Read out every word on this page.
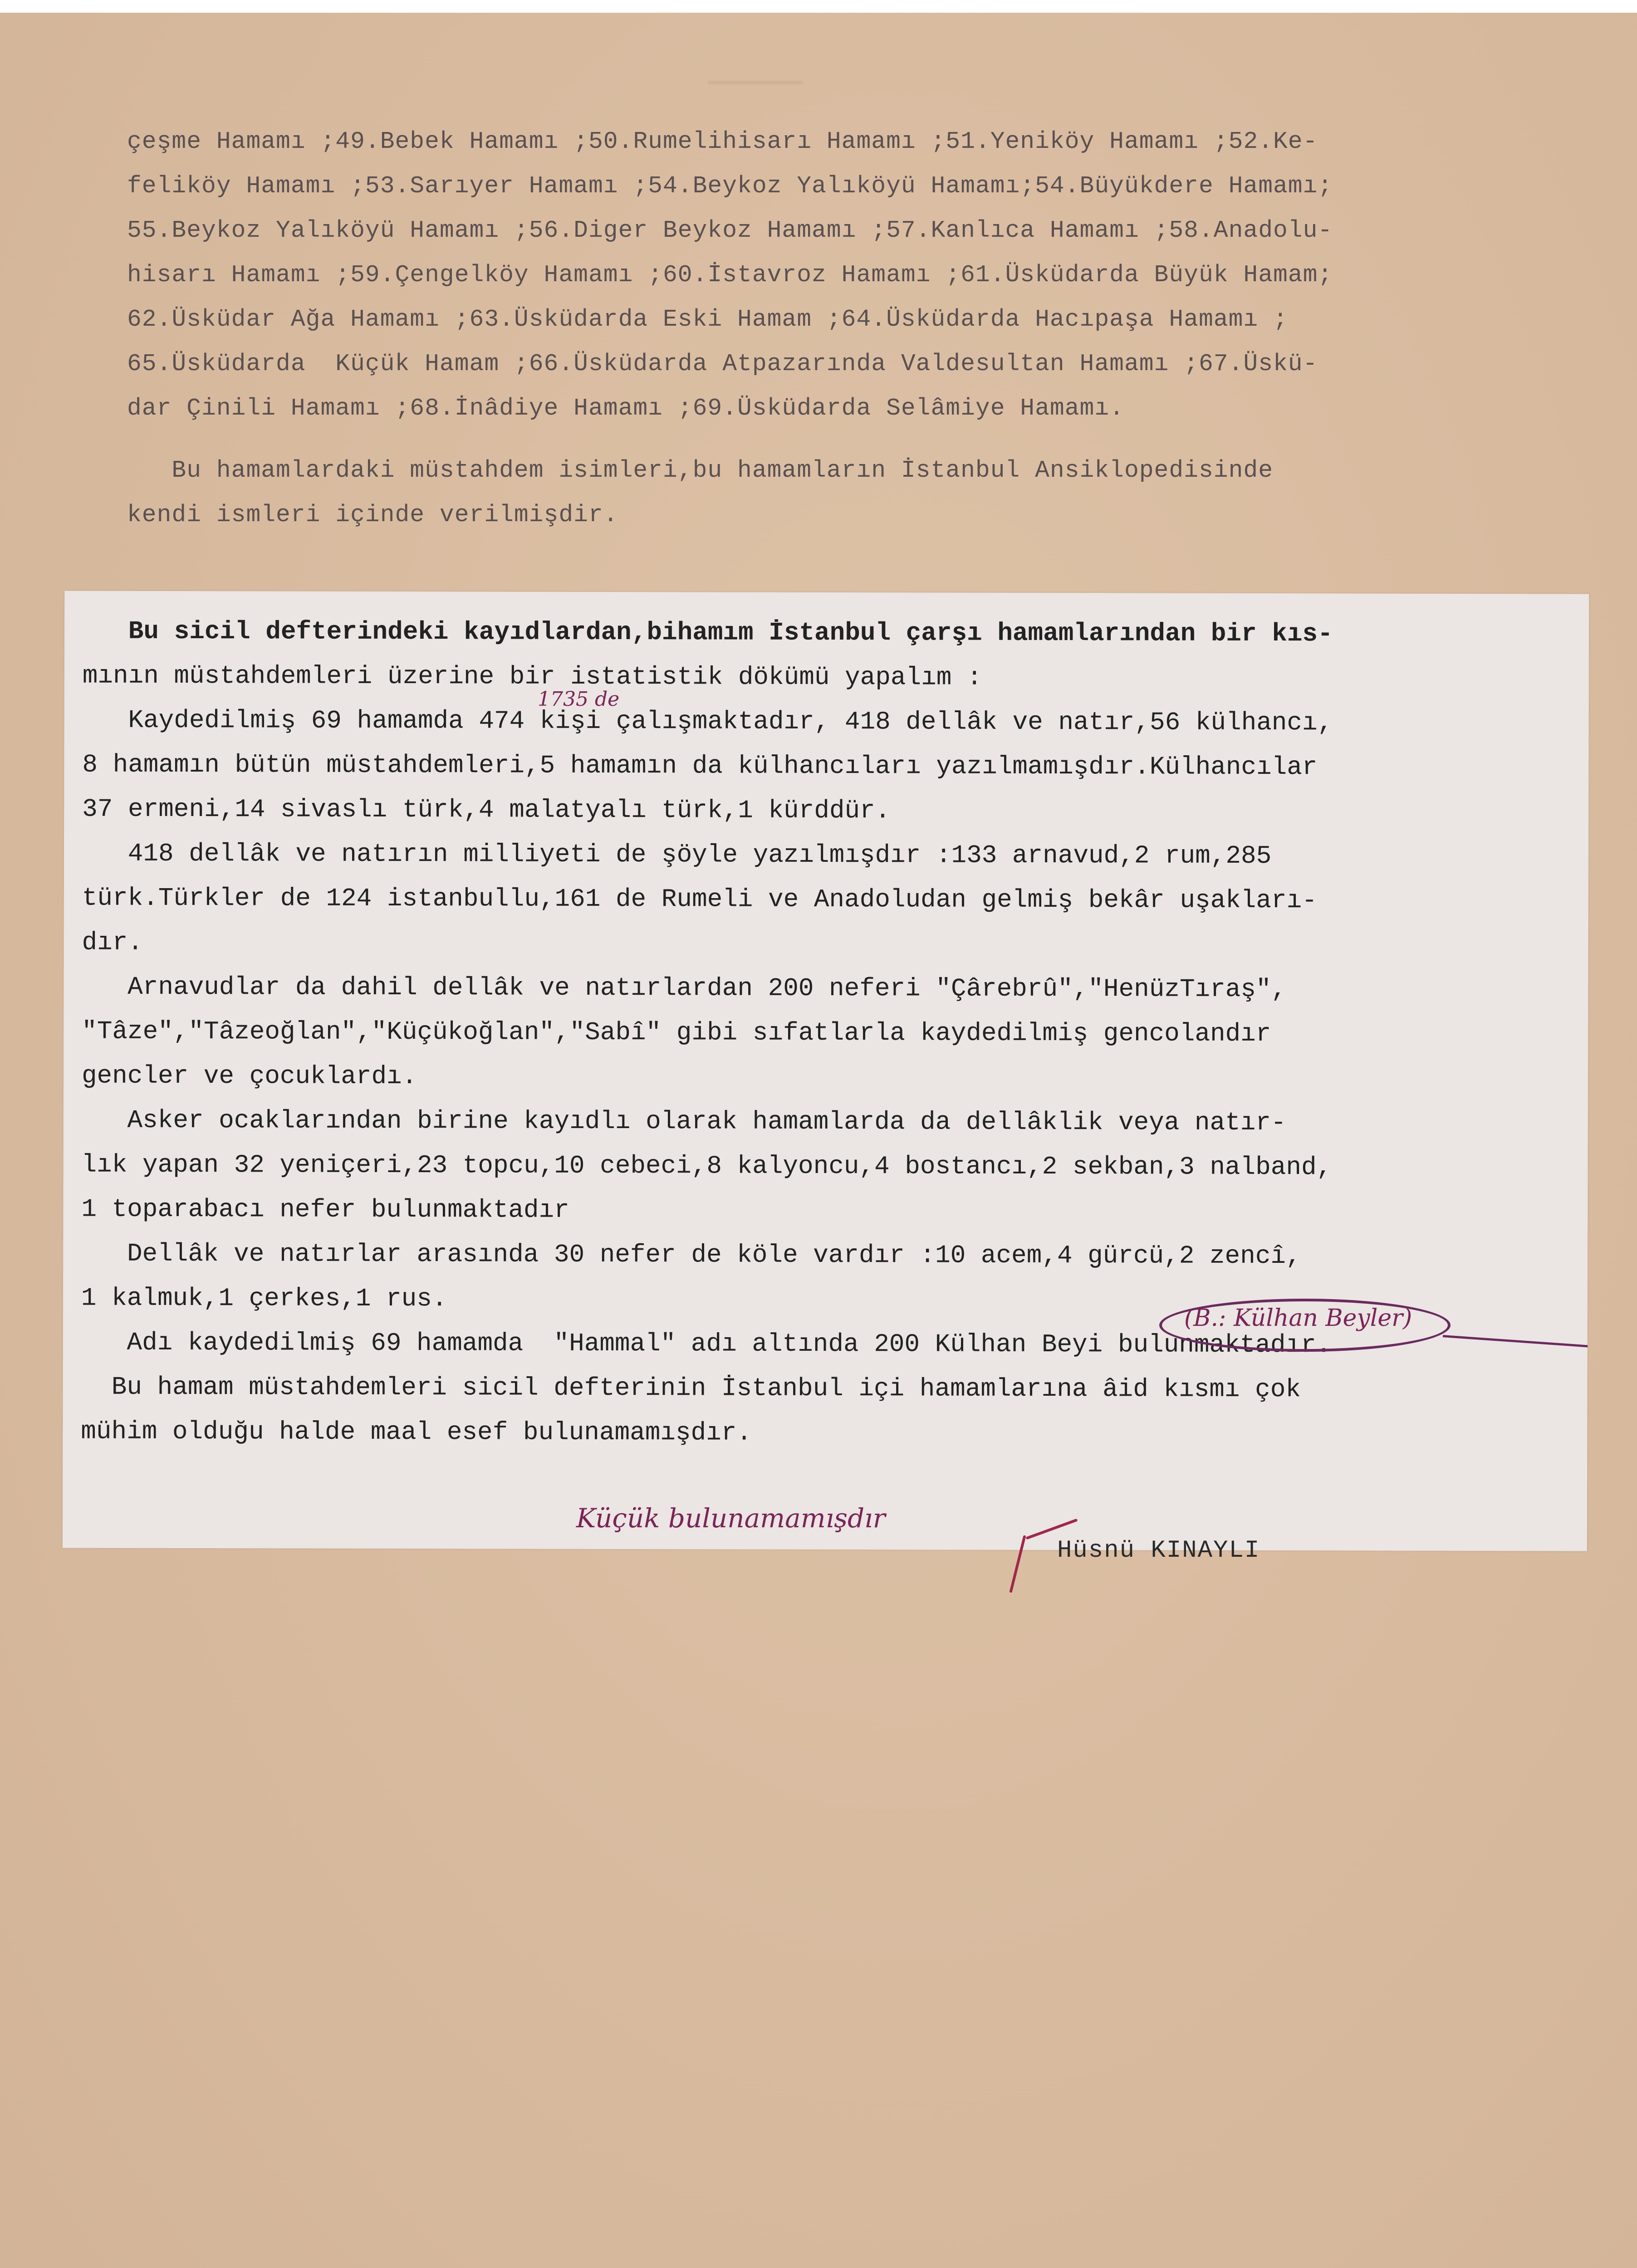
çeşme Hamamı ;49.Bebek Hamamı ;50.Rumelihisarı Hamamı ;51.Yeniköy Hamamı ;52.Ke-

feliköy Hamamı ;53.Sarıyer Hamamı ;54.Beykoz Yalıköyü Hamamı;54.Büyükdere Hamamı;

55.Beykoz Yalıköyü Hamamı ;56.Diger Beykoz Hamamı ;57.Kanlıca Hamamı ;58.Anadolu-

hisarı Hamamı ;59.Çengelköy Hamamı ;60.İstavroz Hamamı ;61.Üsküdarda Büyük Hamam;

62.Üsküdar Ağa Hamamı ;63.Üsküdarda Eski Hamam ;64.Üsküdarda Hacıpaşa Hamamı ;

65.Üsküdarda  Küçük Hamam ;66.Üsküdarda Atpazarında Valdesultan Hamamı ;67.Üskü-

dar Çinili Hamamı ;68.İnâdiye Hamamı ;69.Üsküdarda Selâmiye Hamamı.

Bu hamamlardaki müstahdem isimleri,bu hamamların İstanbul Ansiklopedisinde

kendi ismleri içinde verilmişdir.

Bu sicil defterindeki kayıdlardan,bihamım İstanbul çarşı hamamlarından bir kıs-

mının müstahdemleri üzerine bir istatistik dökümü yapalım :

Kaydedilmiş 69 hamamda 474 kişi çalışmaktadır, 418 dellâk ve natır,56 külhancı,

8 hamamın bütün müstahdemleri,5 hamamın da külhancıları yazılmamışdır.Külhancılar

37 ermeni,14 sivaslı türk,4 malatyalı türk,1 kürddür.

418 dellâk ve natırın milliyeti de şöyle yazılmışdır :133 arnavud,2 rum,285

türk.Türkler de 124 istanbullu,161 de Rumeli ve Anadoludan gelmiş bekâr uşakları-

dır.

Arnavudlar da dahil dellâk ve natırlardan 200 neferi "Çârebrû","HenüzTıraş",

"Tâze","Tâzeoğlan","Küçükoğlan","Sabî" gibi sıfatlarla kaydedilmiş gencolandır

gencler ve çocuklardı.

Asker ocaklarından birine kayıdlı olarak hamamlarda da dellâklik veya natır-

lık yapan 32 yeniçeri,23 topcu,10 cebeci,8 kalyoncu,4 bostancı,2 sekban,3 nalband,

1 toparabacı nefer bulunmaktadır

Dellâk ve natırlar arasında 30 nefer de köle vardır :10 acem,4 gürcü,2 zencî,

1 kalmuk,1 çerkes,1 rus.

Adı kaydedilmiş 69 hamamda  "Hammal" adı altında 200 Külhan Beyi bulunmaktadır.

Bu hamam müstahdemleri sicil defterinin İstanbul içi hamamlarına âid kısmı çok

mühim olduğu halde maal esef bulunamamışdır.

1735 de
(B.: Külhan Beyler)
Küçük bulunamamışdır
Hüsnü KINAYLI
